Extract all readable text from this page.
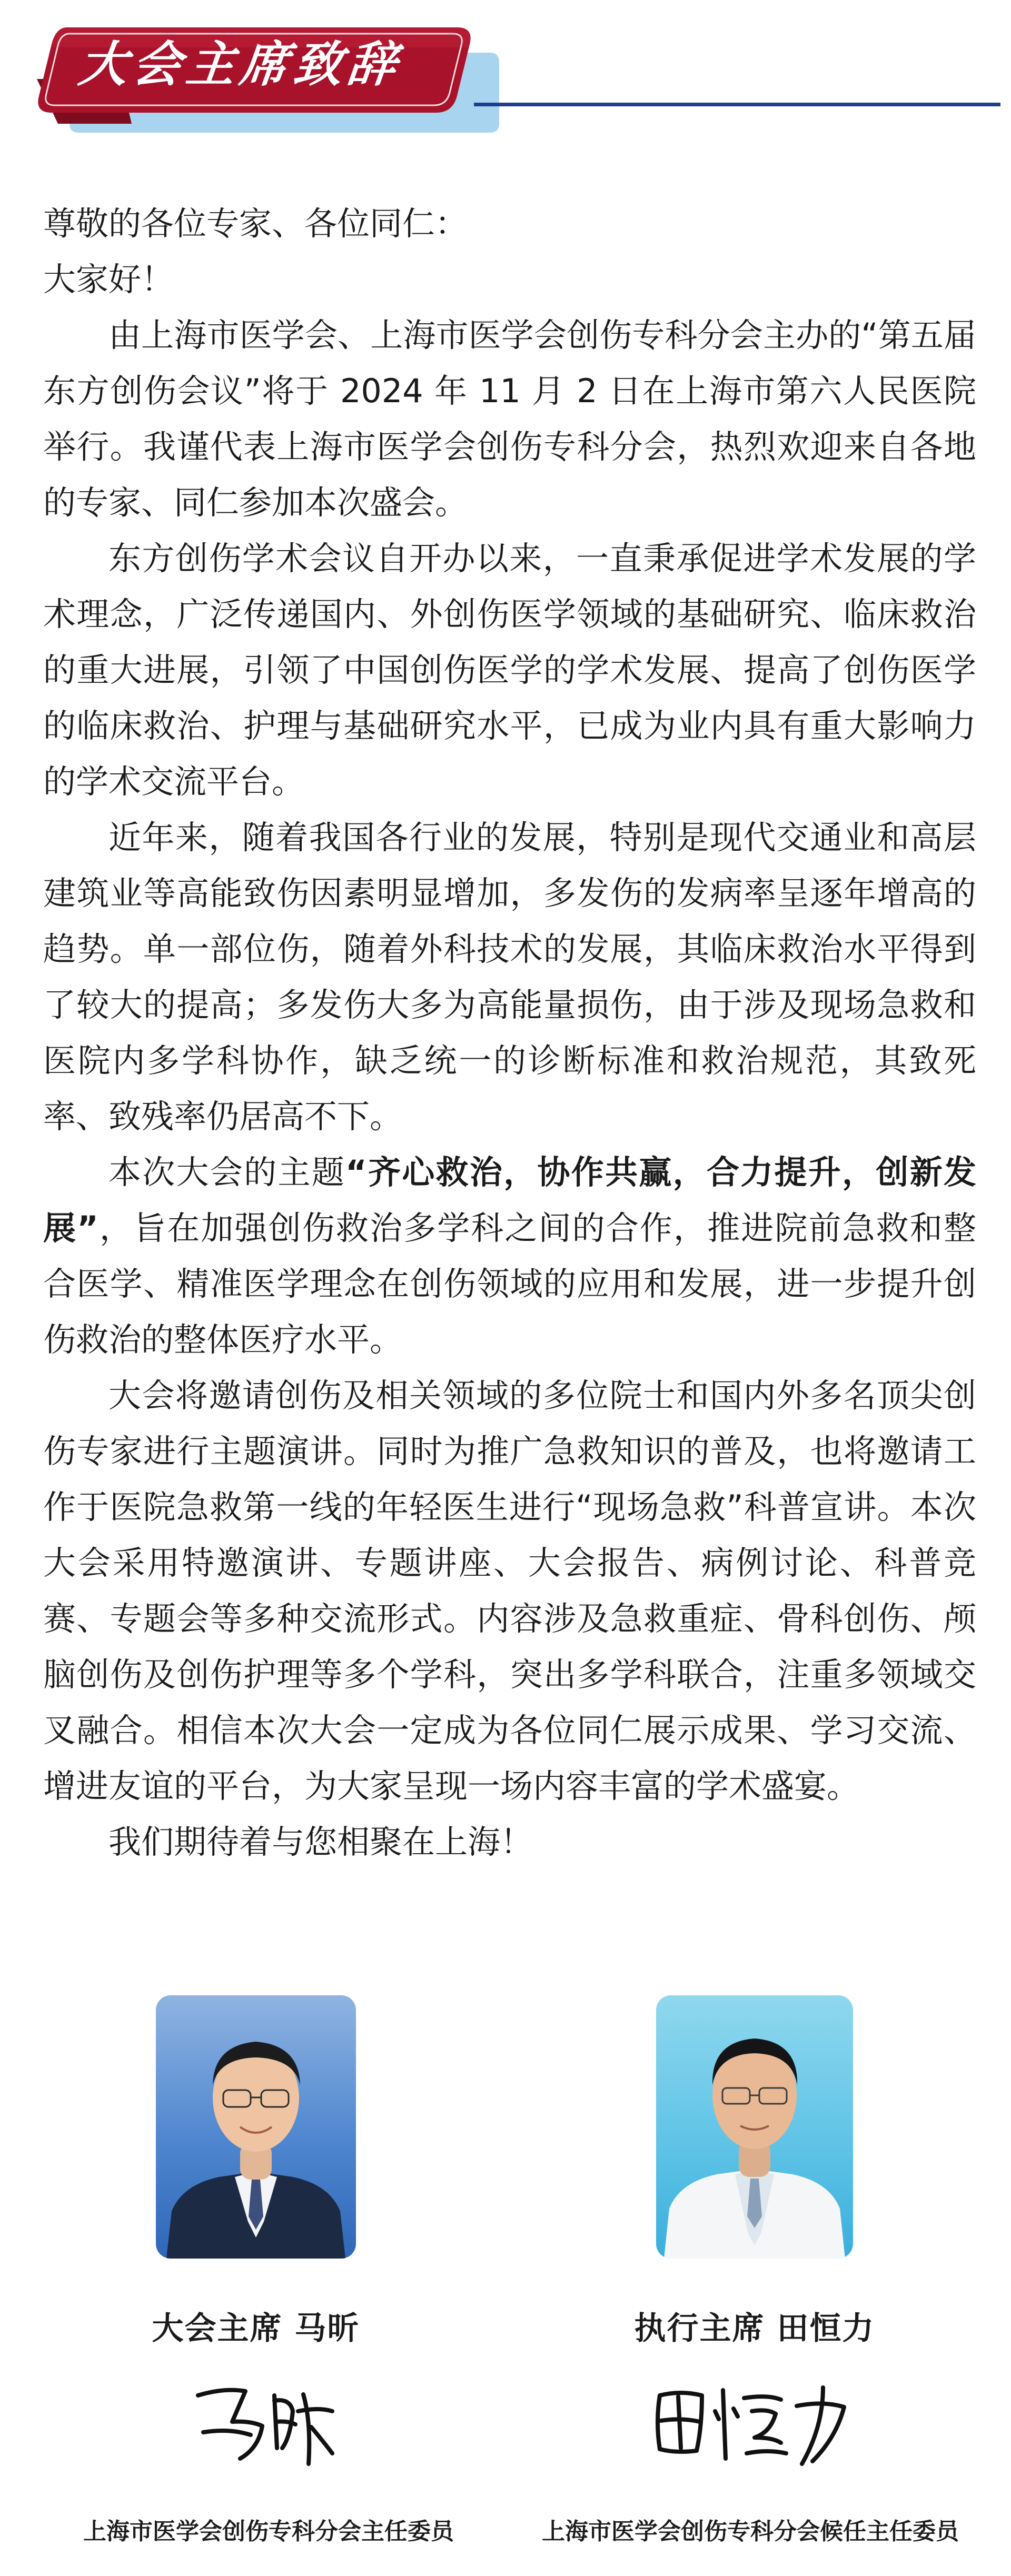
大会主席致辞

尊敬的各位专家、各位同仁：

大家好！

由上海市医学会、上海市医学会创伤专科分会主办的“第五届东方创伤会议”将于 2024 年 11 月 2 日在上海市第六人民医院举行。我谨代表上海市医学会创伤专科分会，热烈欢迎来自各地的专家、同仁参加本次盛会。

东方创伤学术会议自开办以来，一直秉承促进学术发展的学术理念，广泛传递国内、外创伤医学领域的基础研究、临床救治的重大进展，引领了中国创伤医学的学术发展、提高了创伤医学的临床救治、护理与基础研究水平，已成为业内具有重大影响力的学术交流平台。

近年来，随着我国各行业的发展，特别是现代交通业和高层建筑业等高能致伤因素明显增加，多发伤的发病率呈逐年增高的趋势。单一部位伤，随着外科技术的发展，其临床救治水平得到了较大的提高；多发伤大多为高能量损伤，由于涉及现场急救和医院内多学科协作，缺乏统一的诊断标准和救治规范，其致死率、致残率仍居高不下。

本次大会的主题“齐心救治，协作共赢，合力提升，创新发展”，旨在加强创伤救治多学科之间的合作，推进院前急救和整合医学、精准医学理念在创伤领域的应用和发展，进一步提升创伤救治的整体医疗水平。

大会将邀请创伤及相关领域的多位院士和国内外多名顶尖创伤专家进行主题演讲。同时为推广急救知识的普及，也将邀请工作于医院急救第一线的年轻医生进行“现场急救”科普宣讲。本次大会采用特邀演讲、专题讲座、大会报告、病例讨论、科普竞赛、专题会等多种交流形式。内容涉及急救重症、骨科创伤、颅脑创伤及创伤护理等多个学科，突出多学科联合，注重多领域交叉融合。相信本次大会一定成为各位同仁展示成果、学习交流、增进友谊的平台，为大家呈现一场内容丰富的学术盛宴。

我们期待着与您相聚在上海！

大会主席 马昕	执行主席 田恒力
上海市医学会创伤专科分会主任委员	上海市医学会创伤专科分会候任主任委员
